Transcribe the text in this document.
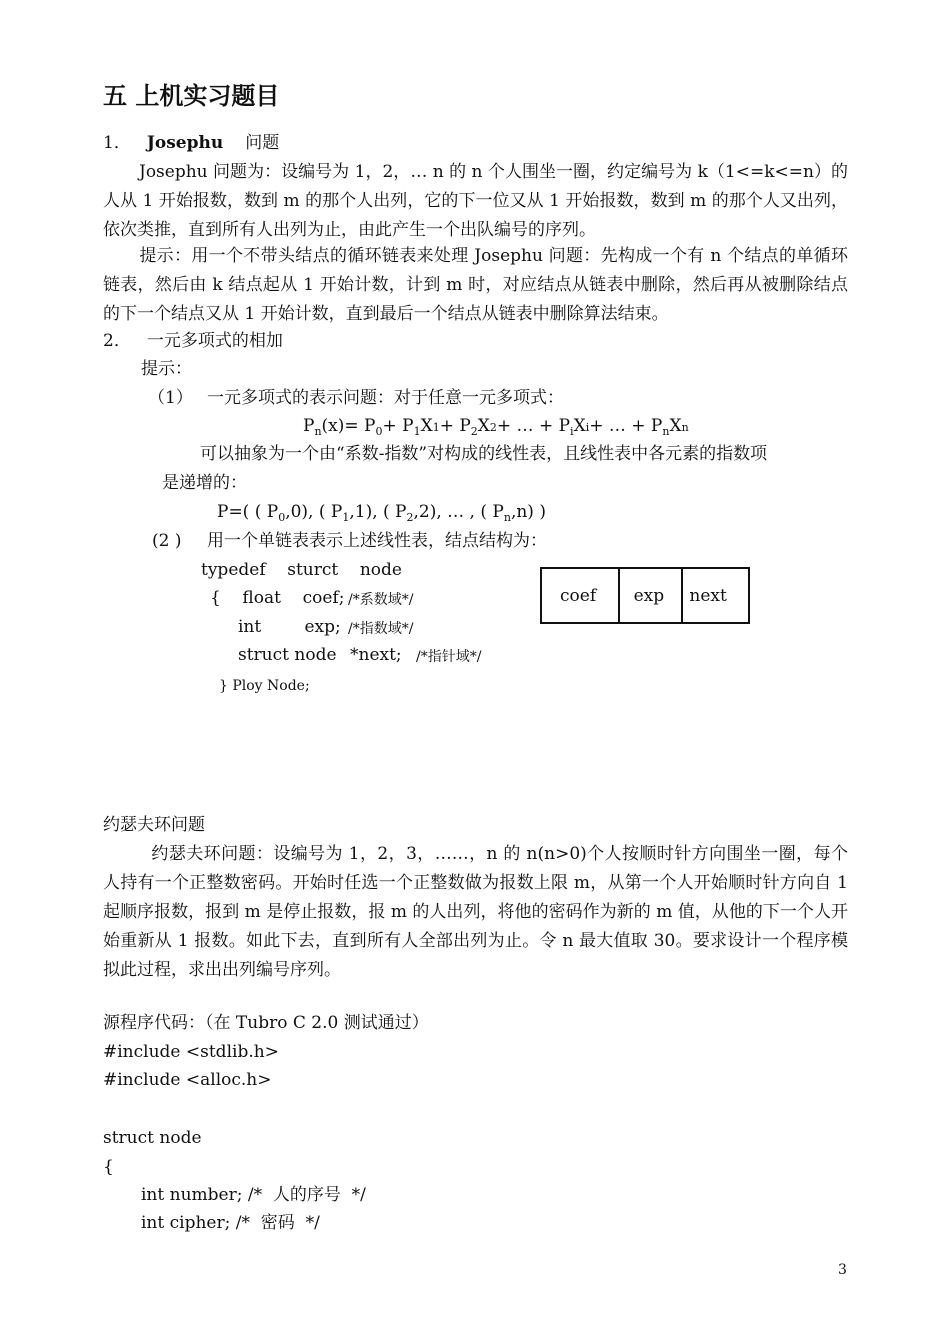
五 上机实习题目
1． Josephu 问题
Josephu 问题为：设编号为 1，2，… n 的 n 个人围坐一圈，约定编号为 k（1<=k<=n）的人从 1 开始报数，数到 m 的那个人出列，它的下一位又从 1 开始报数，数到 m 的那个人又出列，依次类推，直到所有人出列为止，由此产生一个出队编号的序列。
提示：用一个不带头结点的循环链表来处理 Josephu 问题：先构成一个有 n 个结点的单循环链表，然后由 k 结点起从 1 开始计数，计到 m 时，对应结点从链表中删除，然后再从被删除结点的下一个结点又从 1 开始计数，直到最后一个结点从链表中删除算法结束。
2． 一元多项式的相加
提示：
（1） 一元多项式的表示问题：对于任意一元多项式：
$P_n(x)= P_0+ P_1X1+ P_2X2+$ … + $P_iXi+$ … + $P_nXn$
可以抽象为一个由“系数-指数”对构成的线性表，且线性表中各元素的指数项
是递增的：
P=( ( $P_0,0$), ( $P_1,1$), ( $P_2,2$), … , ( $P_n,n$) )
(2 ) 用一个单链表表示上述线性表，结点结构为：
typedef    sturct    node
{    float    coef; /*系数域*/
int        exp; /*指数域*/
struct node *next; /*指针域*/
} Ploy Node;
coef	exp	next
约瑟夫环问题
约瑟夫环问题：设编号为 1，2，3，……，n 的 n(n>0)个人按顺时针方向围坐一圈，每个人持有一个正整数密码。开始时任选一个正整数做为报数上限 m，从第一个人开始顺时针方向自 1 起顺序报数，报到 m 是停止报数，报 m 的人出列，将他的密码作为新的 m 值，从他的下一个人开始重新从 1 报数。如此下去，直到所有人全部出列为止。令 n 最大值取 30。要求设计一个程序模拟此过程，求出出列编号序列。
源程序代码：（在 Tubro C 2.0 测试通过）
#include <stdlib.h>
#include <alloc.h>
struct node
{
int number; /*  人的序号  */
int cipher; /*  密码  */
3
